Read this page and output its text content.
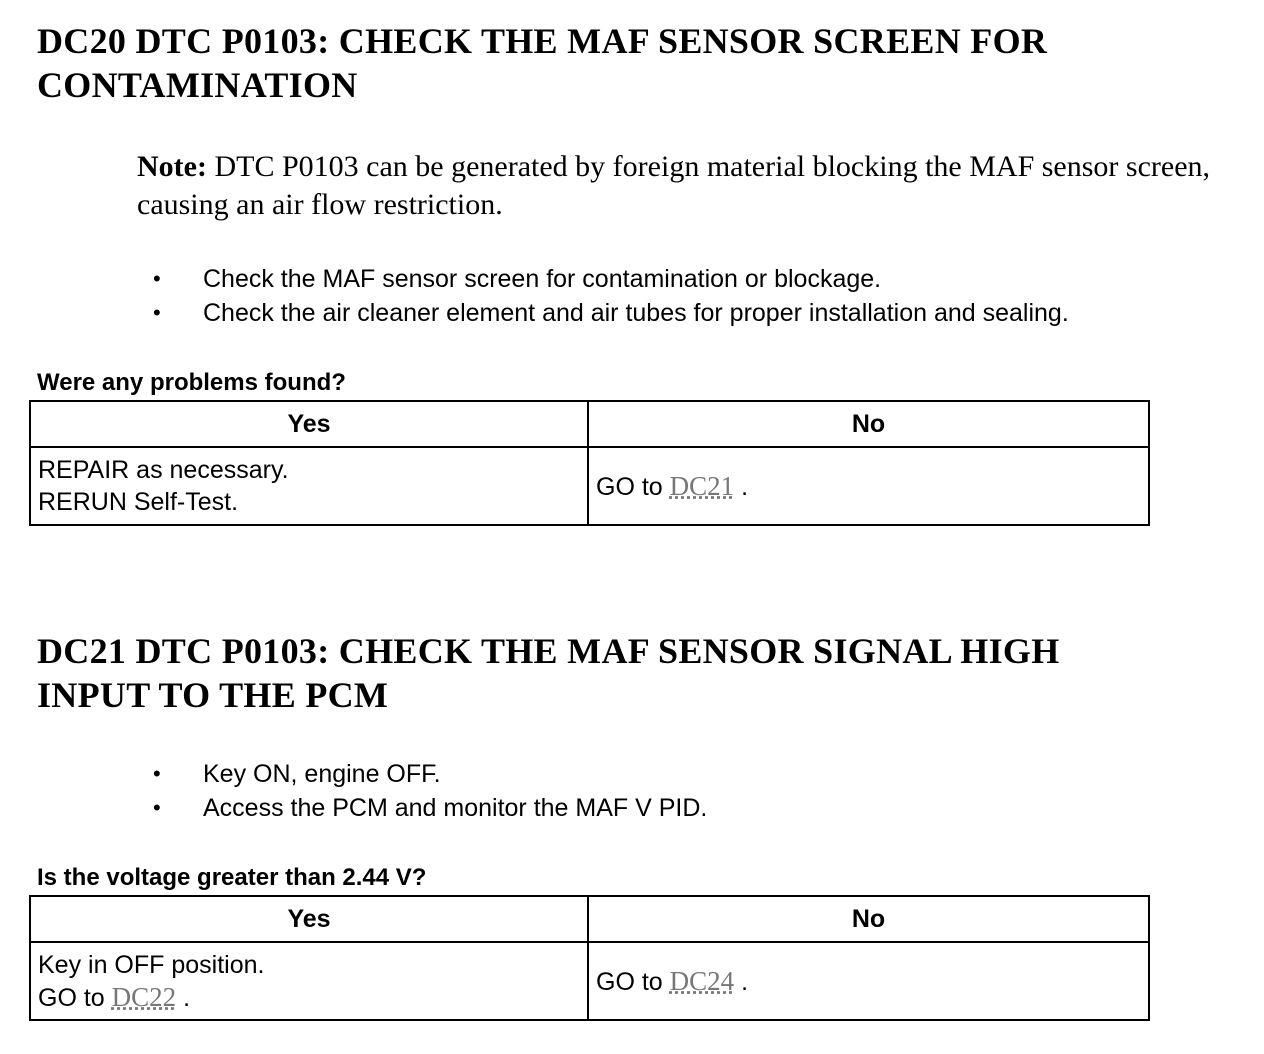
DC20 DTC P0103: CHECK THE MAF SENSOR SCREEN FOR CONTAMINATION

Note: DTC P0103 can be generated by foreign material blocking the MAF sensor screen, causing an air flow restriction.

• Check the MAF sensor screen for contamination or blockage.
• Check the air cleaner element and air tubes for proper installation and sealing.

Were any problems found?

Yes	No
REPAIR as necessary.
RERUN Self-Test.	GO to DC21 .
DC21 DTC P0103: CHECK THE MAF SENSOR SIGNAL HIGH INPUT TO THE PCM
• Key ON, engine OFF.
• Access the PCM and monitor the MAF V PID.

Is the voltage greater than 2.44 V?

Yes	No
Key in OFF position.
GO to DC22 .	GO to DC24 .
